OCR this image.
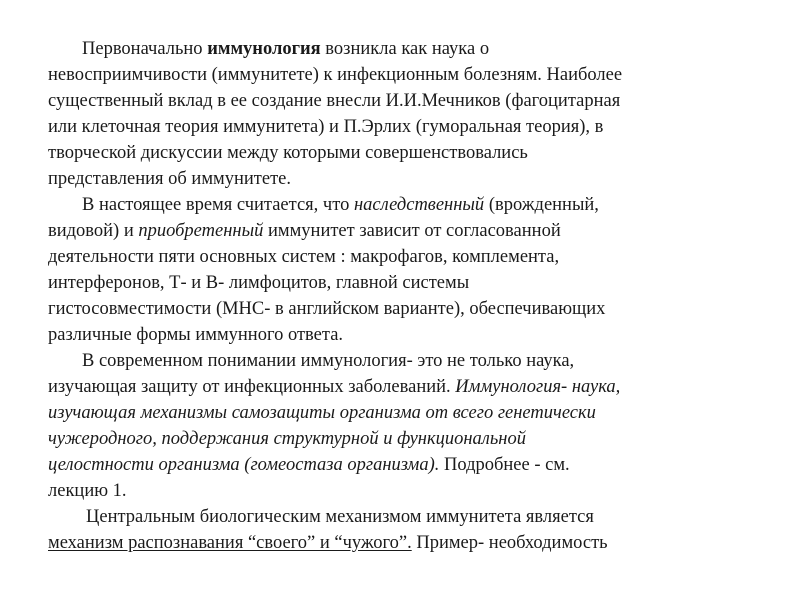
Первоначально иммунология возникла как наука о
невосприимчивости (иммунитете) к инфекционным болезням. Наиболее
существенный вклад в ее создание внесли И.И.Мечников (фагоцитарная
или клеточная теория иммунитета) и П.Эрлих (гуморальная теория), в
творческой дискуссии между которыми совершенствовались
представления об иммунитете.
В настоящее время считается, что наследственный (врожденный,
видовой) и приобретенный иммунитет зависит от согласованной
деятельности пяти основных систем : макрофагов, комплемента,
интерферонов, Т- и В- лимфоцитов, главной системы
гистосовместимости (МНС- в английском варианте), обеспечивающих
различные формы иммунного ответа.
В современном понимании иммунология- это не только наука,
изучающая защиту от инфекционных заболеваний. Иммунология- наука,
изучающая механизмы самозащиты организма от всего генетически
чужеродного, поддержания структурной и функциональной
целостности организма (гомеостаза организма). Подробнее - см.
лекцию 1.
Центральным биологическим механизмом иммунитета является
механизм распознавания “своего” и “чужого”. Пример- необходимость
